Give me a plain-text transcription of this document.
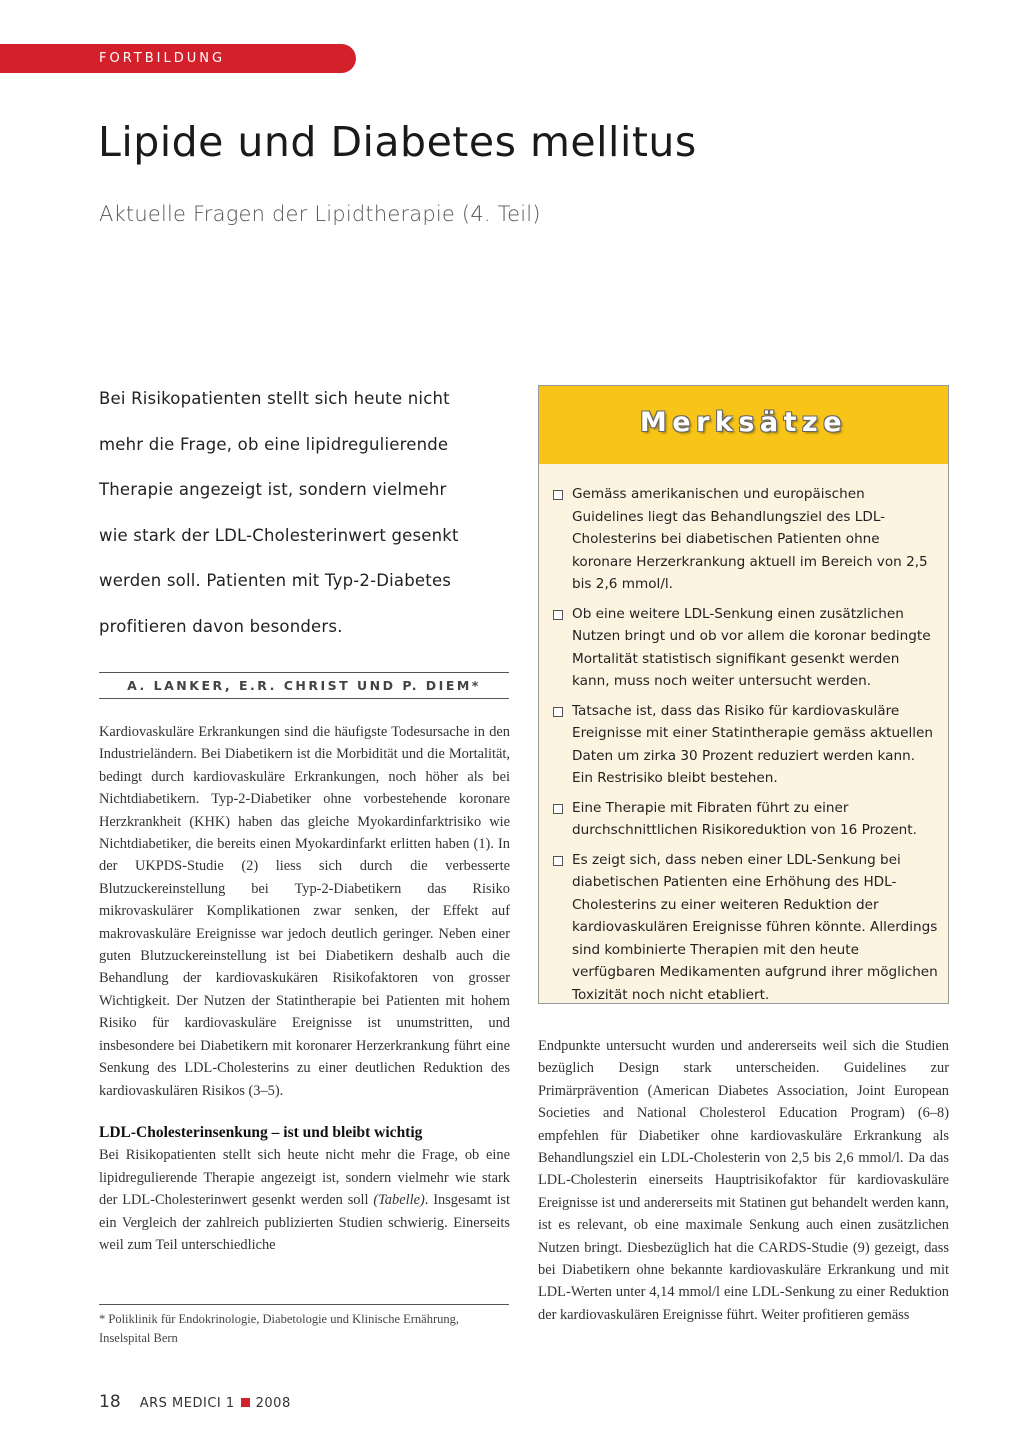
FORTBILDUNG
Lipide und Diabetes mellitus
Aktuelle Fragen der Lipidtherapie (4. Teil)
Bei Risikopatienten stellt sich heute nicht
mehr die Frage, ob eine lipidregulierende
Therapie angezeigt ist, sondern vielmehr
wie stark der LDL-Cholesterinwert gesenkt
werden soll. Patienten mit Typ-2-Diabetes
profitieren davon besonders.
A. LANKER, E.R. CHRIST UND P. DIEM*

Kardiovaskuläre Erkrankungen sind die häufigste Todesursache in den Industrieländern. Bei Diabetikern ist die Morbidität und die Mortalität, bedingt durch kardiovaskuläre Erkrankungen, noch höher als bei Nichtdiabetikern. Typ-2-Diabetiker ohne vorbestehende koronare Herzkrankheit (KHK) haben das gleiche Myokardinfarktrisiko wie Nichtdiabetiker, die bereits einen Myokardinfarkt erlitten haben (1). In der UKPDS-Studie (2) liess sich durch die verbesserte Blutzuckereinstellung bei Typ-2-Diabetikern das Risiko mikrovaskulärer Komplikationen zwar senken, der Effekt auf makrovaskuläre Ereignisse war jedoch deutlich geringer. Neben einer guten Blutzuckereinstellung ist bei Diabetikern deshalb auch die Behandlung der kardiovaskukären Risikofaktoren von grosser Wichtigkeit. Der Nutzen der Statintherapie bei Patienten mit hohem Risiko für kardiovaskuläre Ereignisse ist unumstritten, und insbesondere bei Diabetikern mit koronarer Herzerkrankung führt eine Senkung des LDL-Cholesterins zu einer deutlichen Reduktion des kardiovaskulären Risikos (3–5).

LDL-Cholesterinsenkung – ist und bleibt wichtig

Bei Risikopatienten stellt sich heute nicht mehr die Frage, ob eine lipidregulierende Therapie angezeigt ist, sondern vielmehr wie stark der LDL-Cholesterinwert gesenkt werden soll (Tabelle). Insgesamt ist ein Vergleich der zahlreich publizierten Studien schwierig. Einerseits weil zum Teil unterschiedliche

* Poliklinik für Endokrinologie, Diabetologie und Klinische Ernährung,
Inselspital Bern
Merksätze
Gemäss amerikanischen und europäischen Guidelines liegt das Behandlungsziel des LDL-Cholesterins bei diabetischen Patienten ohne koronare Herzerkrankung aktuell im Bereich von 2,5 bis 2,6 mmol/l.
Ob eine weitere LDL-Senkung einen zusätzlichen Nutzen bringt und ob vor allem die koronar bedingte Mortalität statistisch signifikant gesenkt werden kann, muss noch weiter untersucht werden.
Tatsache ist, dass das Risiko für kardiovaskuläre Ereignisse mit einer Statintherapie gemäss aktuellen Daten um zirka 30 Prozent reduziert werden kann. Ein Restrisiko bleibt bestehen.
Eine Therapie mit Fibraten führt zu einer durchschnittlichen Risikoreduktion von 16 Prozent.
Es zeigt sich, dass neben einer LDL-Senkung bei diabetischen Patienten eine Erhöhung des HDL-Cholesterins zu einer weiteren Reduktion der kardiovaskulären Ereignisse führen könnte. Allerdings sind kombinierte Therapien mit den heute verfügbaren Medikamenten aufgrund ihrer möglichen Toxizität noch nicht etabliert.

Endpunkte untersucht wurden und andererseits weil sich die Studien bezüglich Design stark unterscheiden. Guidelines zur Primärprävention (American Diabetes Association, Joint European Societies and National Cholesterol Education Program) (6–8) empfehlen für Diabetiker ohne kardiovaskuläre Erkrankung als Behandlungsziel ein LDL-Cholesterin von 2,5 bis 2,6 mmol/l. Da das LDL-Cholesterin einerseits Hauptrisikofaktor für kardiovaskuläre Ereignisse ist und andererseits mit Statinen gut behandelt werden kann, ist es relevant, ob eine maximale Senkung auch einen zusätzlichen Nutzen bringt. Diesbezüglich hat die CARDS-Studie (9) gezeigt, dass bei Diabetikern ohne bekannte kardiovaskuläre Erkrankung und mit LDL-Werten unter 4,14 mmol/l eine LDL-Senkung zu einer Reduktion der kardiovaskulären Ereignisse führt. Weiter profitieren gemäss

18 ARS MEDICI 1 2008
